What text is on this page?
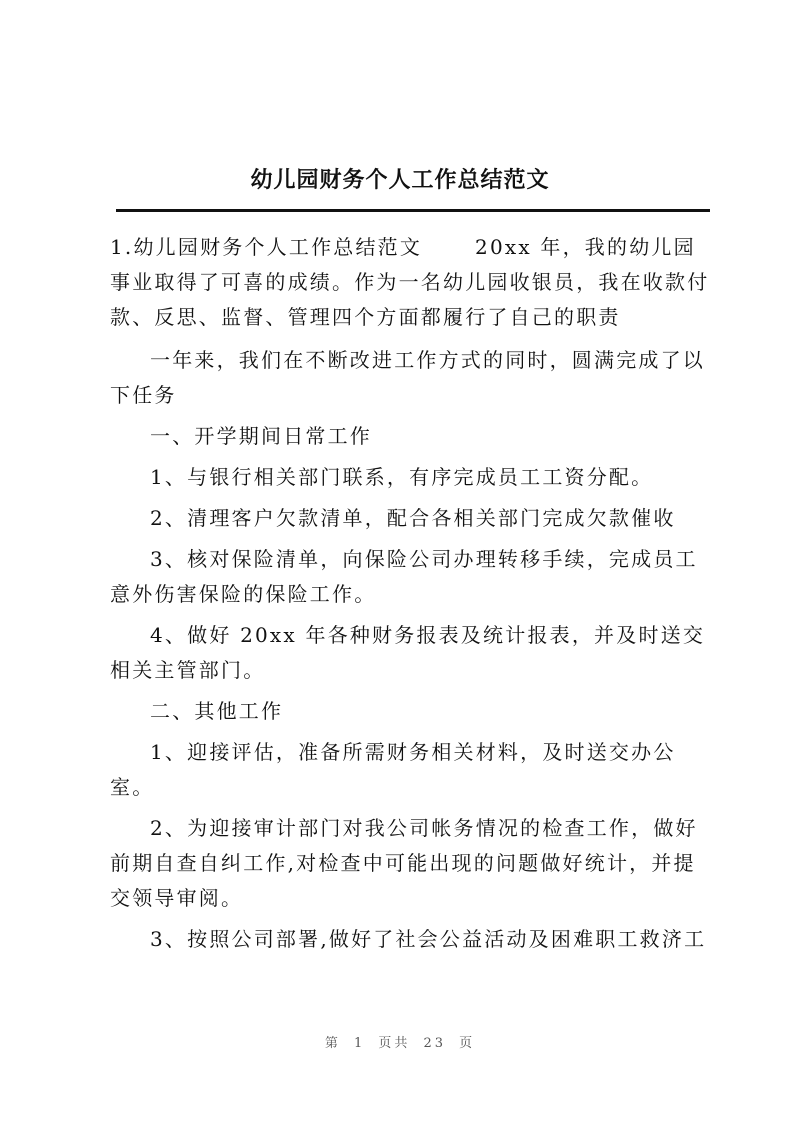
幼儿园财务个人工作总结范文

1.幼儿园财务个人工作总结范文　　 20xx 年，我的幼儿园事业取得了可喜的成绩。作为一名幼儿园收银员，我在收款付款、反思、监督、管理四个方面都履行了自己的职责

一年来，我们在不断改进工作方式的同时，圆满完成了以下任务

一、开学期间日常工作

1、与银行相关部门联系，有序完成员工工资分配。

2、清理客户欠款清单，配合各相关部门完成欠款催收

3、核对保险清单，向保险公司办理转移手续，完成员工意外伤害保险的保险工作。

4、做好 20xx 年各种财务报表及统计报表，并及时送交相关主管部门。

二、其他工作

1、迎接评估，准备所需财务相关材料，及时送交办公室。

2、为迎接审计部门对我公司帐务情况的检查工作，做好前期自查自纠工作,对检查中可能出现的问题做好统计，并提交领导审阅。

3、按照公司部署,做好了社会公益活动及困难职工救济工

第 1 页共 23 页
